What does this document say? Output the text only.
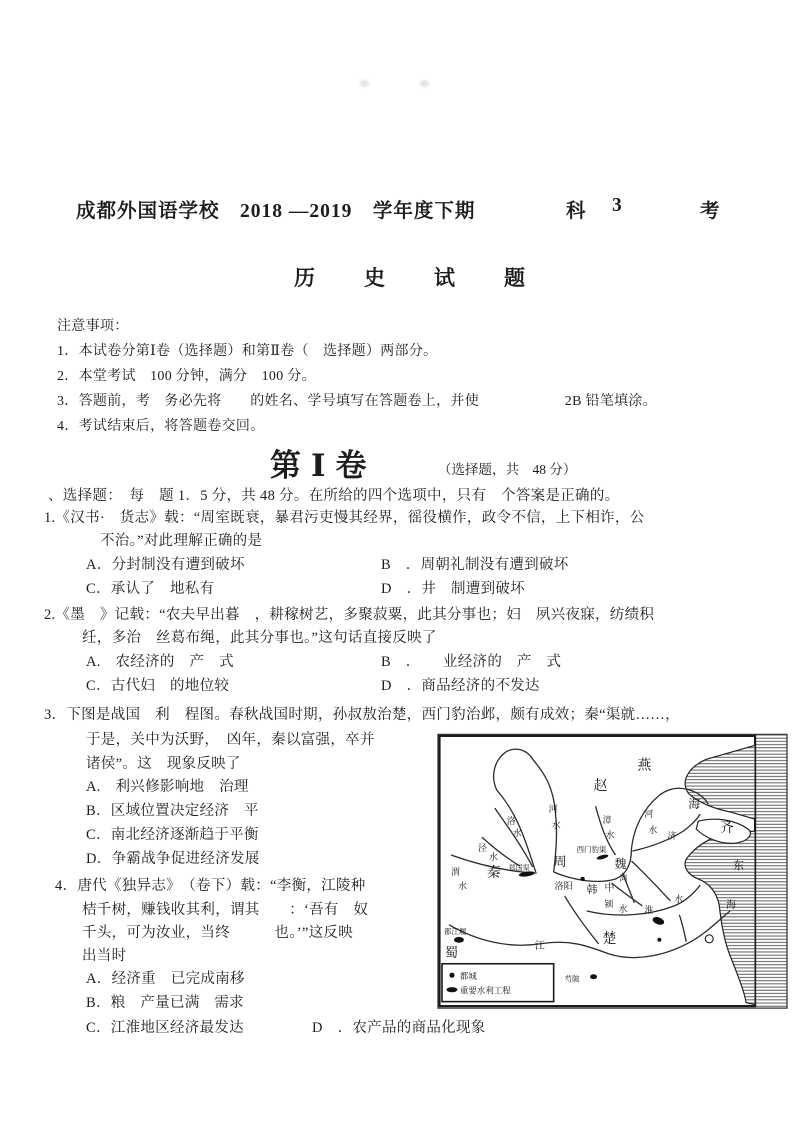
成都外国语学校　2018 —2019　学年度下期	科 3	考
历史试题
注意事项：
1．本试卷分第Ⅰ卷（选择题）和第Ⅱ卷（　选择题）两部分。
2．本堂考试　100 分钟，满分　100 分。
3．答题前，考　务必先将　　的姓名、学号填写在答题卷上，并使　　　　　　2B 铅笔填涂。
4．考试结束后，将答题卷交回。
第Ⅰ卷	（选择题，共　48 分）
、选择题：　每　题 1．5 分，共 48 分。在所给的四个选项中，只有　个答案是正确的。
1.《汉书·　货志》载：“周室既衰，暴君污吏慢其经界，徭役横作，政令不信，上下相诈，公
不治。”对此理解正确的是
A．分封制没有遭到破坏	B　．周朝礼制没有遭到破坏
C．承认了　地私有	D　．井　制遭到破坏
2.《墨　》记载：“农夫早出暮　，耕稼树艺，多聚菽粟，此其分事也；妇　夙兴夜寐，纺绩积
纴，多治　丝葛布绳，此其分事也。”这句话直接反映了
A.　农经济的　产　式	B　．　　业经济的　产　式
C．古代妇　的地位较	D　．商品经济的不发达
3．下图是战国　利　程图。春秋战国时期，孙叔敖治楚，西门豹治邺，颇有成效；秦“渠就……，
于是，关中为沃野，　凶年，秦以富强，卒并
诸侯”。这　现象反映了
A.　利兴修影响地　治理
B．区域位置决定经济　平
C．南北经济逐渐趋于平衡
D．争霸战争促进经济发展
4．唐代《独异志》　（卷下）载：“李衡，江陵种
桔千树，赚钱收其利，谓其　　：‘吾有　奴
千头，可为汝业，当终　　　也。’”这反映
出当时
A．经济重　已完成南移
B．粮　产量已满　需求
C．江淮地区经济最发达	D　．农产品的商品化现象
燕
赵
齐
秦
周	魏
韩 中
楚
蜀
海
东
海
洛阳
西门豹渠
郑国渠
都江堰
芍陂
鸿
洛
水
河
水
泾
水
渭
水
漳
水
河
水
济
淮
水
颍 水
江
都城
重要水利工程
